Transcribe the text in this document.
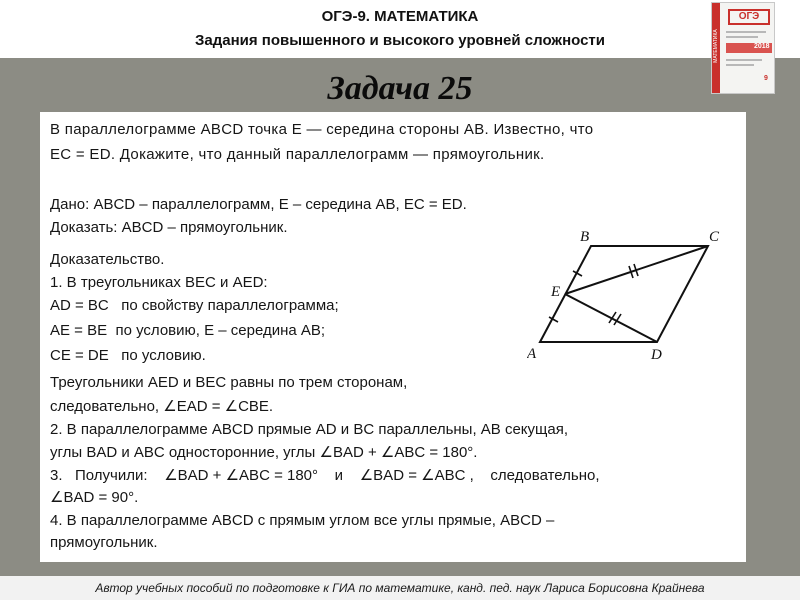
ОГЭ-9. МАТЕМАТИКА
Задания повышенного и высокого уровней сложности	МАТЕМАТИКА
ОГЭ
2018
9
Задача 25
В параллелограмме ABCD точка E — середина стороны AB. Известно, что
EC = ED. Докажите, что данный параллелограмм — прямоугольник.
Дано: ABCD – параллелограмм, E – середина AB, EC = ED.
Доказать: ABCD – прямоугольник.
Доказательство.
1. В треугольниках BEC и AED:
AD = BC   по свойству параллелограмма;
AE = BE  по условию, E – середина AB;
CE = DE   по условию.
Треугольники AED и BEC равны по трем сторонам,
следовательно, ∠EAD = ∠CBE.
2. В параллелограмме ABCD прямые AD и BC параллельны, AB секущая,
углы BAD и ABC односторонние, углы ∠BAD + ∠ABC = 180°.
3.   Получили:    ∠BAD + ∠ABC = 180°    и    ∠BAD = ∠ABC ,    следовательно,
∠BAD = 90°.
4. В параллелограмме ABCD с прямым углом все углы прямые, ABCD –
прямоугольник.
B	C
E
A	D
Автор учебных пособий по подготовке к ГИА по математике, канд. пед. наук Лариса Борисовна Крайнева
